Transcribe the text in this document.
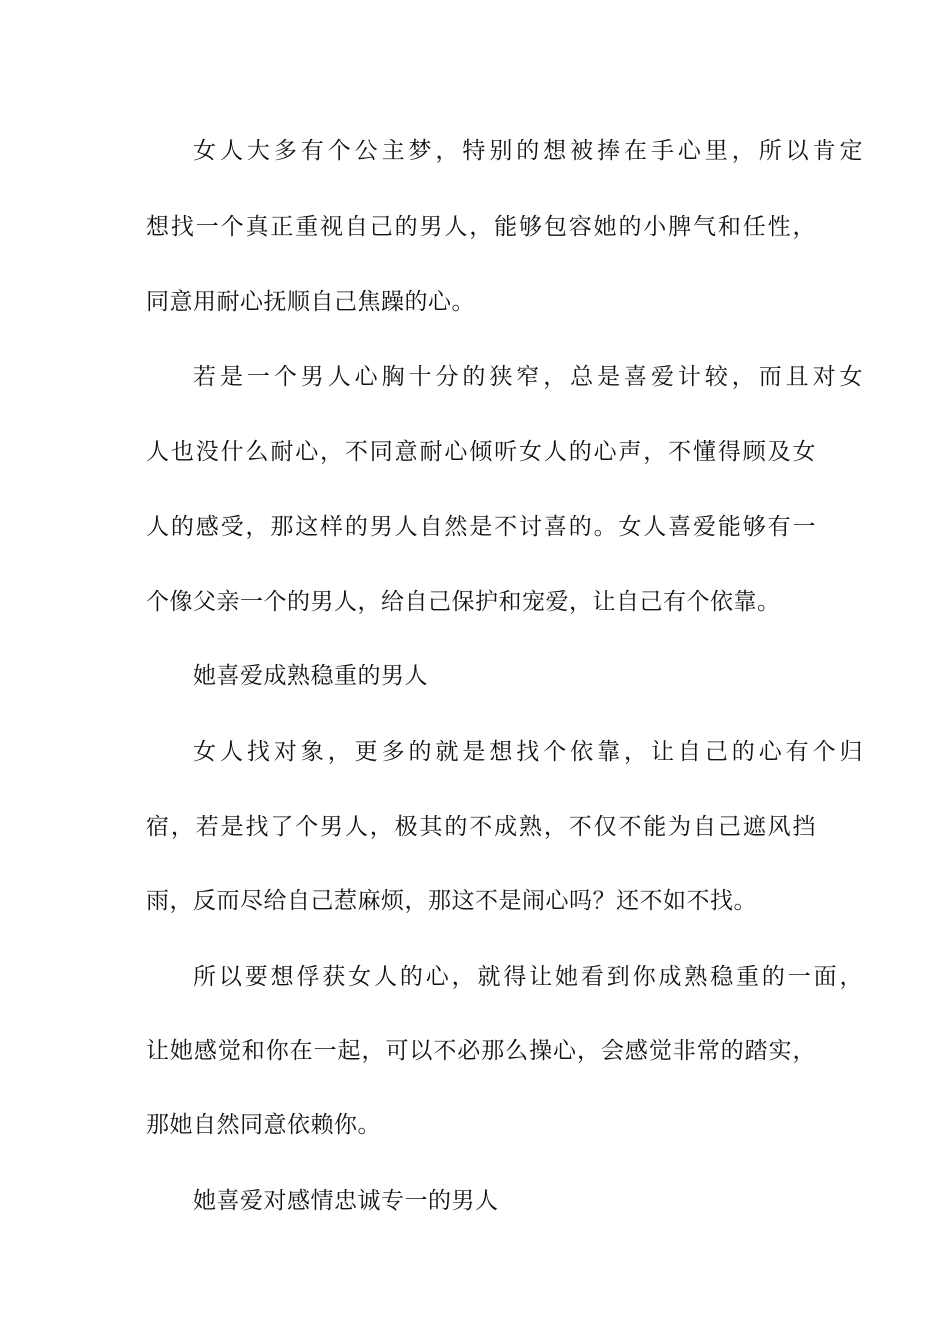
女人大多有个公主梦，特别的想被捧在手心里，所以肯定
想找一个真正重视自己的男人，能够包容她的小脾气和任性，
同意用耐心抚顺自己焦躁的心。
若是一个男人心胸十分的狭窄，总是喜爱计较，而且对女
人也没什么耐心，不同意耐心倾听女人的心声，不懂得顾及女
人的感受，那这样的男人自然是不讨喜的。女人喜爱能够有一
个像父亲一个的男人，给自己保护和宠爱，让自己有个依靠。
她喜爱成熟稳重的男人
女人找对象，更多的就是想找个依靠，让自己的心有个归
宿，若是找了个男人，极其的不成熟，不仅不能为自己遮风挡
雨，反而尽给自己惹麻烦，那这不是闹心吗？还不如不找。
所以要想俘获女人的心，就得让她看到你成熟稳重的一面，
让她感觉和你在一起，可以不必那么操心，会感觉非常的踏实，
那她自然同意依赖你。
她喜爱对感情忠诚专一的男人
